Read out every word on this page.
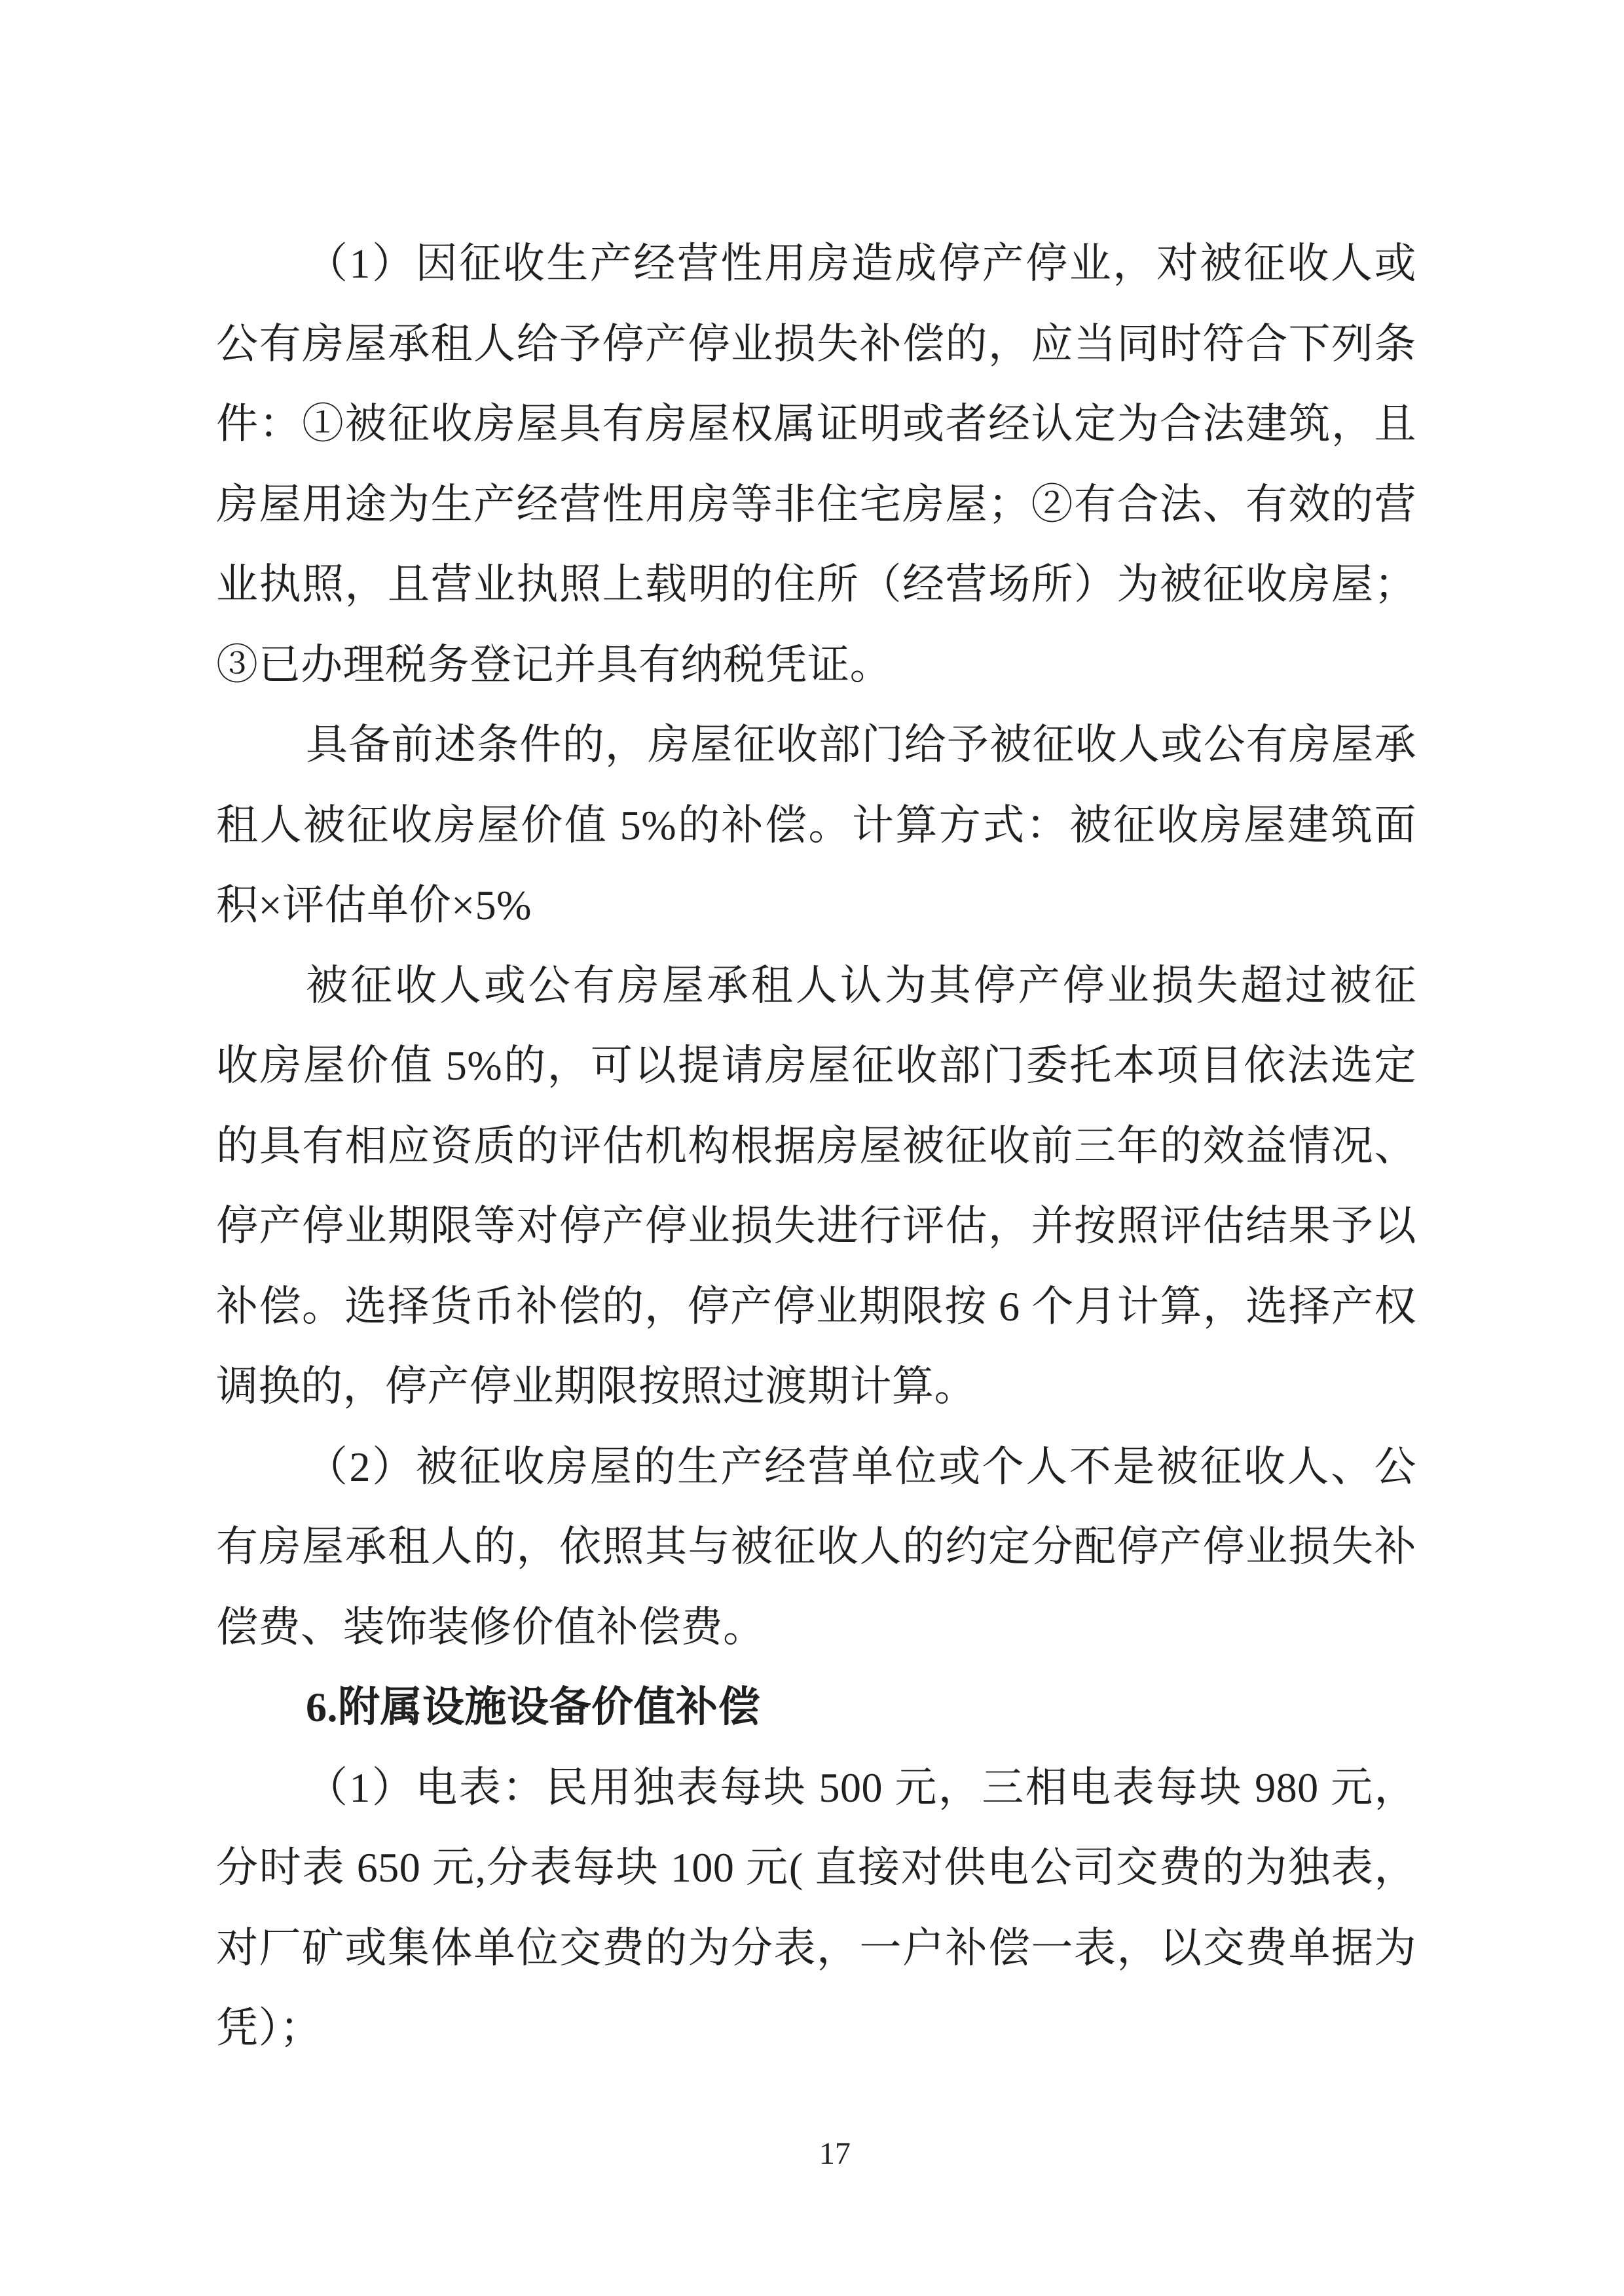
（1）因征收生产经营性用房造成停产停业，对被征收人或
公有房屋承租人给予停产停业损失补偿的，应当同时符合下列条
件：①被征收房屋具有房屋权属证明或者经认定为合法建筑，且
房屋用途为生产经营性用房等非住宅房屋；②有合法、有效的营
业执照，且营业执照上载明的住所（经营场所）为被征收房屋；
③已办理税务登记并具有纳税凭证。
具备前述条件的，房屋征收部门给予被征收人或公有房屋承
租人被征收房屋价值 5%的补偿。计算方式：被征收房屋建筑面
积×评估单价×5%
被征收人或公有房屋承租人认为其停产停业损失超过被征
收房屋价值 5%的，可以提请房屋征收部门委托本项目依法选定
的具有相应资质的评估机构根据房屋被征收前三年的效益情况、
停产停业期限等对停产停业损失进行评估，并按照评估结果予以
补偿。选择货币补偿的，停产停业期限按 6 个月计算，选择产权
调换的，停产停业期限按照过渡期计算。
（2）被征收房屋的生产经营单位或个人不是被征收人、公
有房屋承租人的，依照其与被征收人的约定分配停产停业损失补
偿费、装饰装修价值补偿费。
6.附属设施设备价值补偿
（1）电表：民用独表每块 500 元，三相电表每块 980 元，
分时表 650 元,分表每块 100 元( 直接对供电公司交费的为独表，
对厂矿或集体单位交费的为分表，一户补偿一表，以交费单据为
凭）；
17
